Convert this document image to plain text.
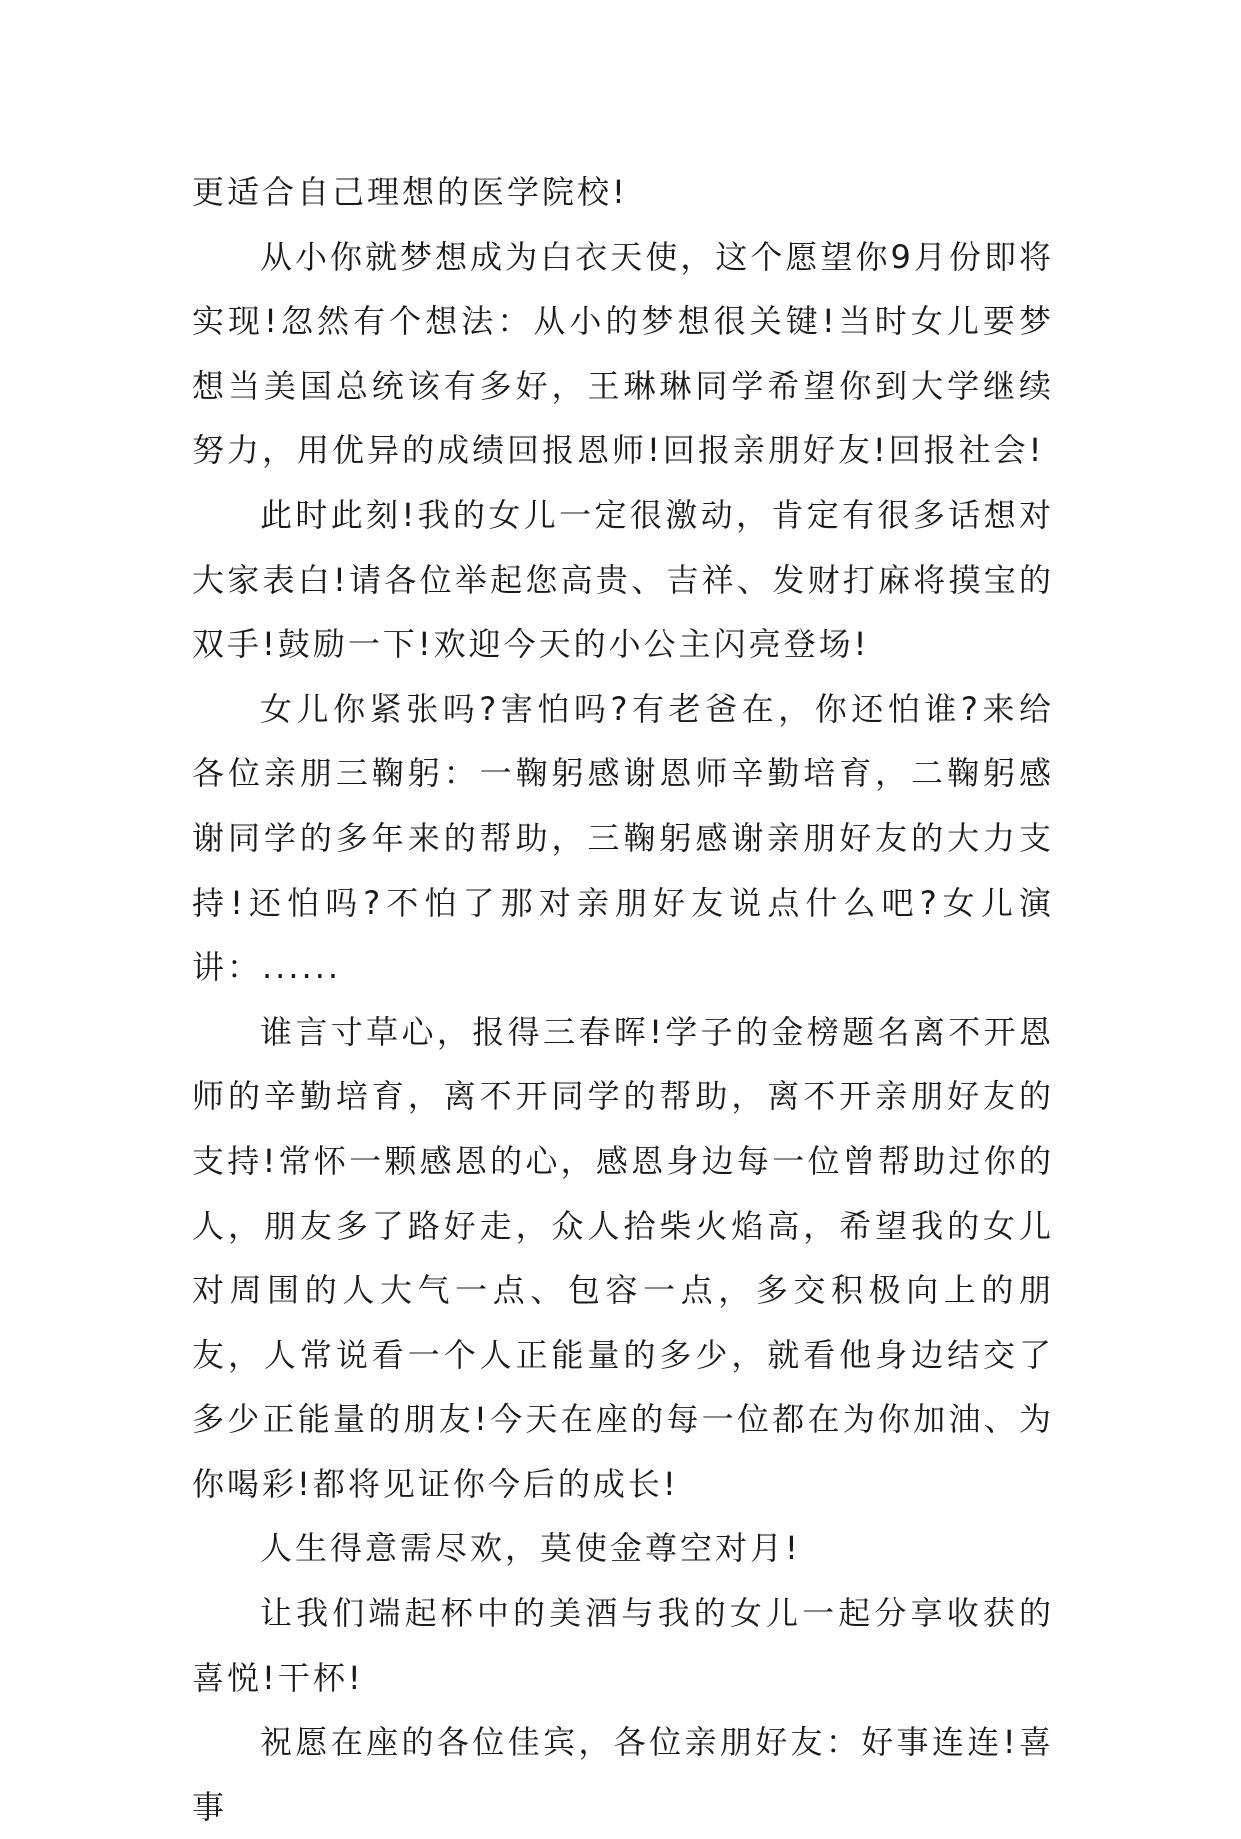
更适合自己理想的医学院校!

从小你就梦想成为白衣天使，这个愿望你9月份即将实现!忽然有个想法：从小的梦想很关键!当时女儿要梦想当美国总统该有多好，王琳琳同学希望你到大学继续努力，用优异的成绩回报恩师!回报亲朋好友!回报社会!

此时此刻!我的女儿一定很激动，肯定有很多话想对大家表白!请各位举起您高贵、吉祥、发财打麻将摸宝的双手!鼓励一下!欢迎今天的小公主闪亮登场!

女儿你紧张吗?害怕吗?有老爸在，你还怕谁?来给各位亲朋三鞠躬：一鞠躬感谢恩师辛勤培育，二鞠躬感谢同学的多年来的帮助，三鞠躬感谢亲朋好友的大力支持!还怕吗?不怕了那对亲朋好友说点什么吧?女儿演讲：......

谁言寸草心，报得三春晖!学子的金榜题名离不开恩师的辛勤培育，离不开同学的帮助，离不开亲朋好友的支持!常怀一颗感恩的心，感恩身边每一位曾帮助过你的人，朋友多了路好走，众人拾柴火焰高，希望我的女儿对周围的人大气一点、包容一点，多交积极向上的朋友，人常说看一个人正能量的多少，就看他身边结交了多少正能量的朋友!今天在座的每一位都在为你加油、为你喝彩!都将见证你今后的成长!

人生得意需尽欢，莫使金尊空对月!

让我们端起杯中的美酒与我的女儿一起分享收获的喜悦!干杯!

祝愿在座的各位佳宾，各位亲朋好友：好事连连!喜事
